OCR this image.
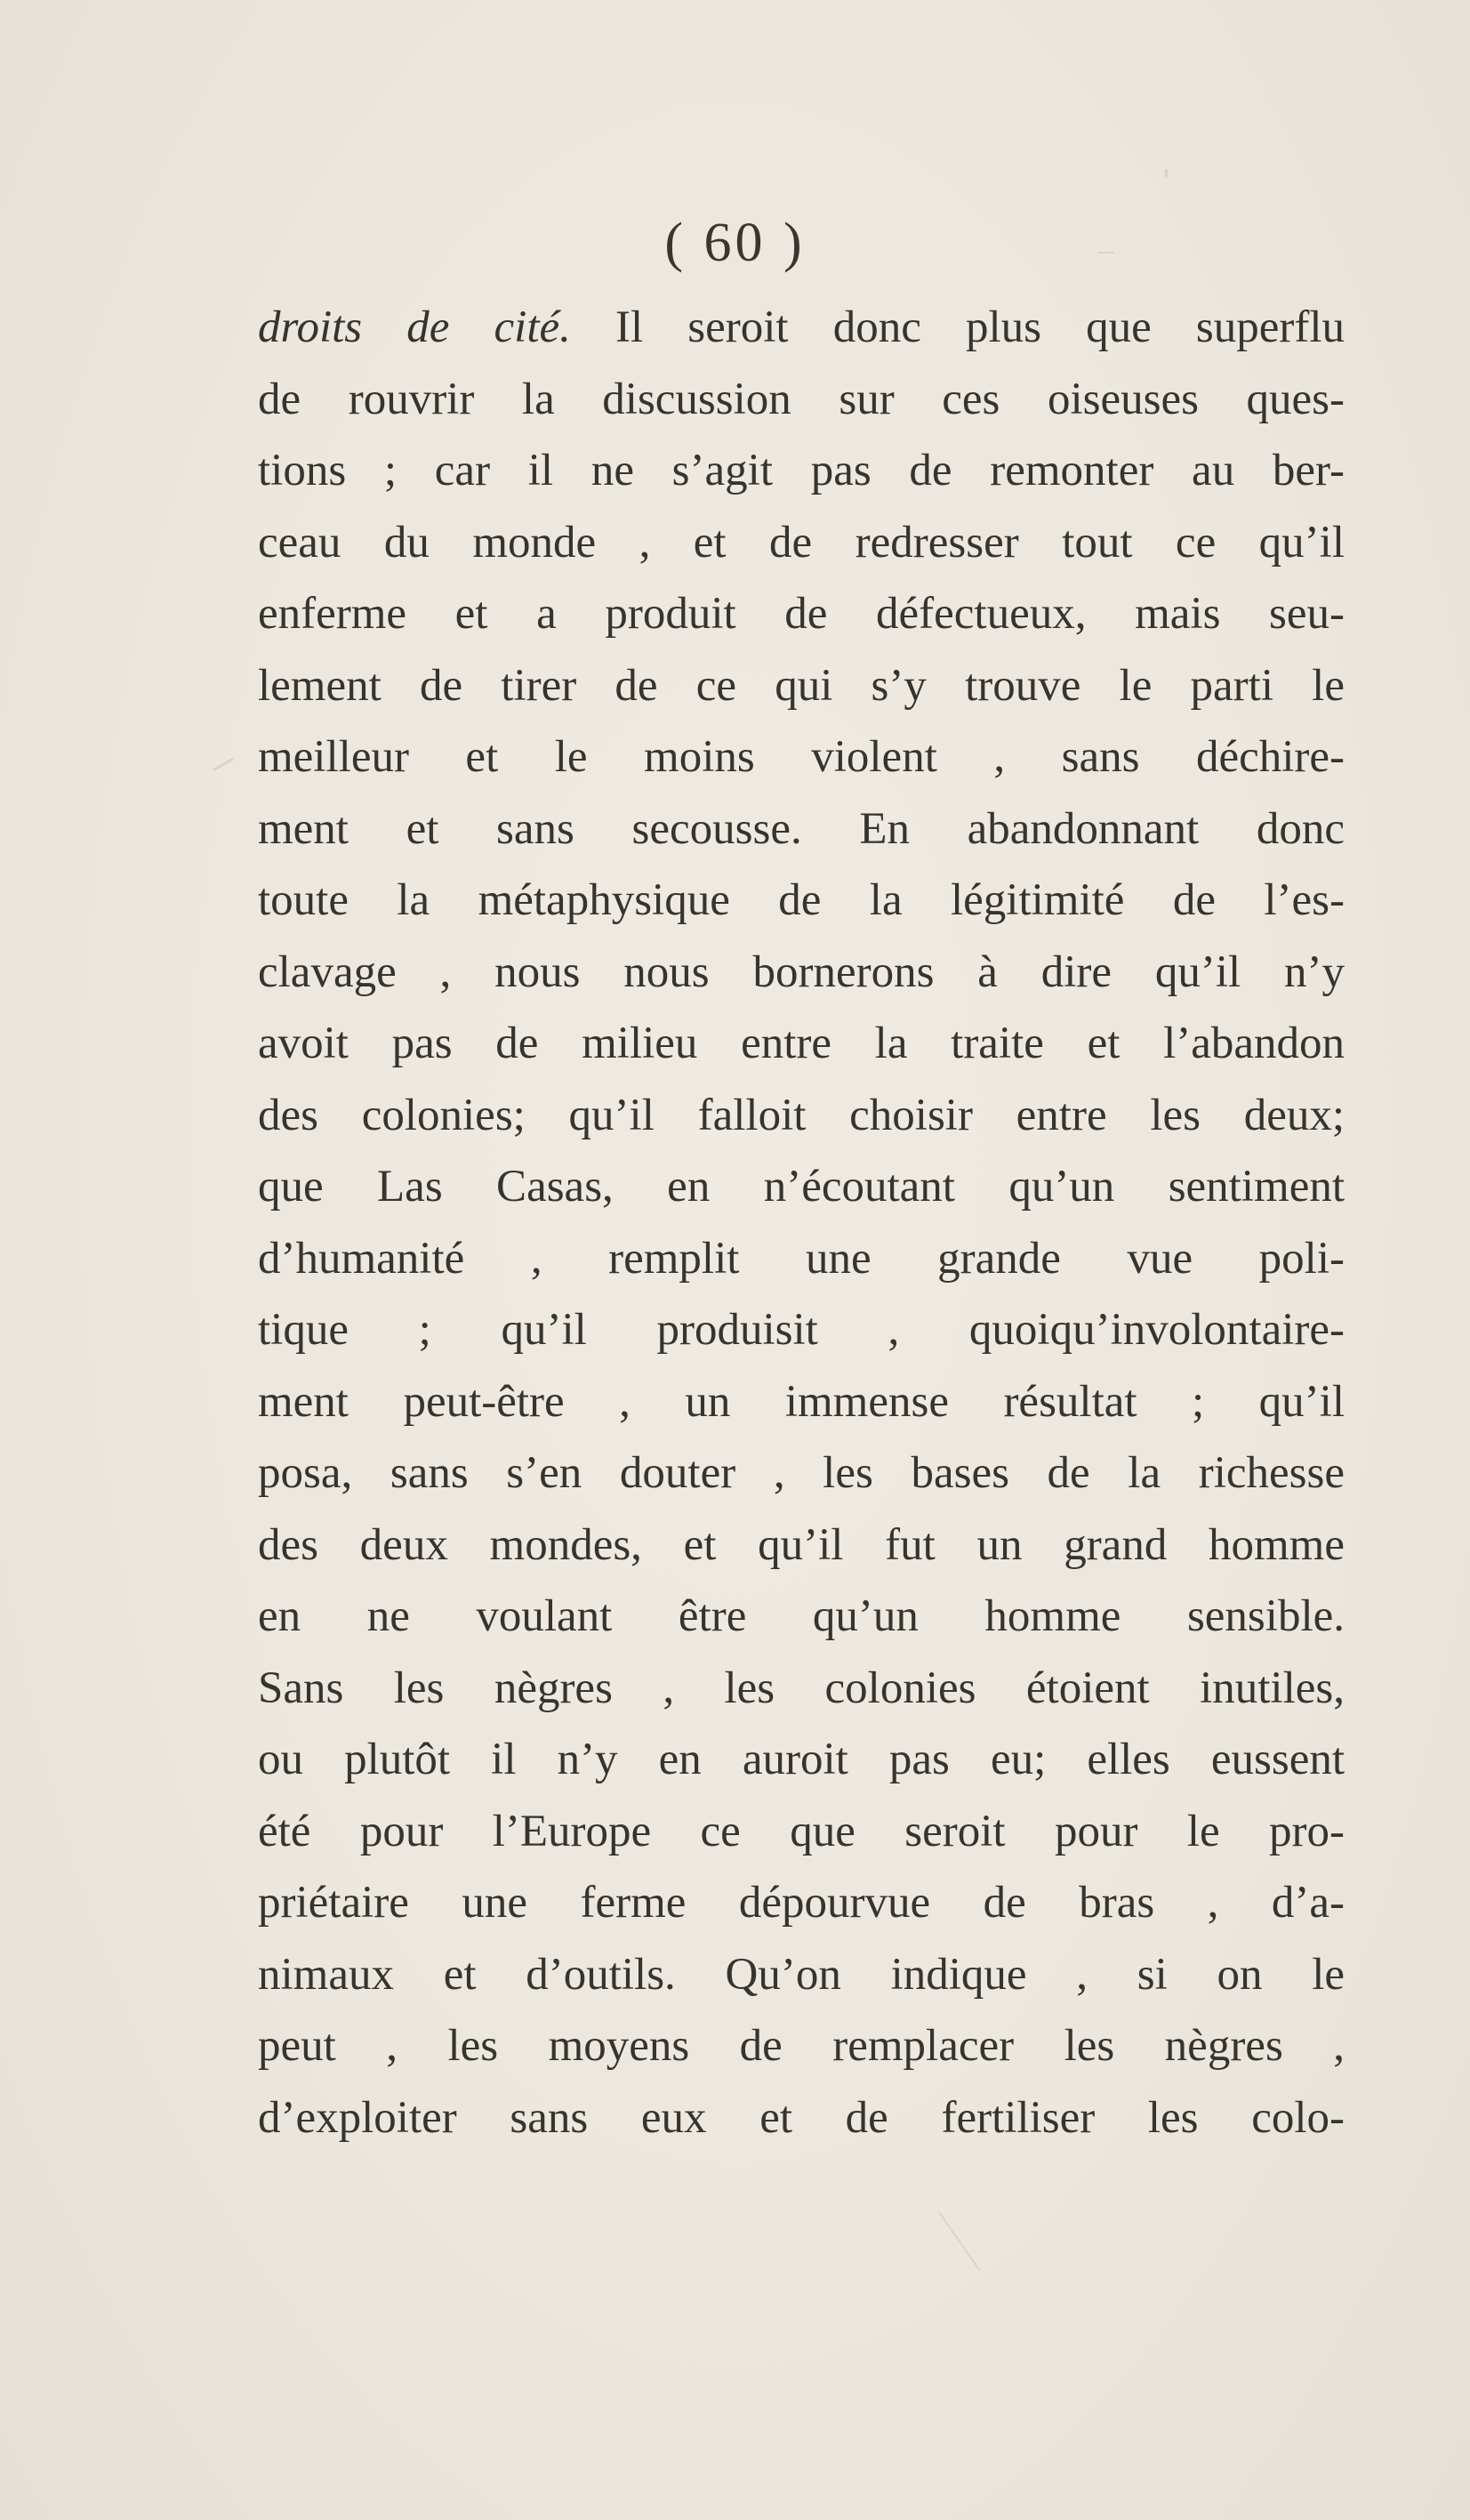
( 60 )
droits de cité. Il seroit donc plus que superflu
de rouvrir la discussion sur ces oiseuses ques-
tions ; car il ne s’agit pas de remonter au ber-
ceau du monde , et de redresser tout ce qu’il
enferme et a produit de défectueux, mais seu-
lement de tirer de ce qui s’y trouve le parti le
meilleur et le moins violent , sans déchire-
ment et sans secousse. En abandonnant donc
toute la métaphysique de la légitimité de l’es-
clavage , nous nous bornerons à dire qu’il n’y
avoit pas de milieu entre la traite et l’abandon
des colonies; qu’il falloit choisir entre les deux;
que Las Casas, en n’écoutant qu’un sentiment
d’humanité , remplit une grande vue poli-
tique ; qu’il produisit , quoiqu’involontaire-
ment peut-être , un immense résultat ; qu’il
posa, sans s’en douter , les bases de la richesse
des deux mondes, et qu’il fut un grand homme
en ne voulant être qu’un homme sensible.
Sans les nègres , les colonies étoient inutiles,
ou plutôt il n’y en auroit pas eu; elles eussent
été pour l’Europe ce que seroit pour le pro-
priétaire une ferme dépourvue de bras , d’a-
nimaux et d’outils. Qu’on indique , si on le
peut , les moyens de remplacer les nègres ,
d’exploiter sans eux et de fertiliser les colo-
